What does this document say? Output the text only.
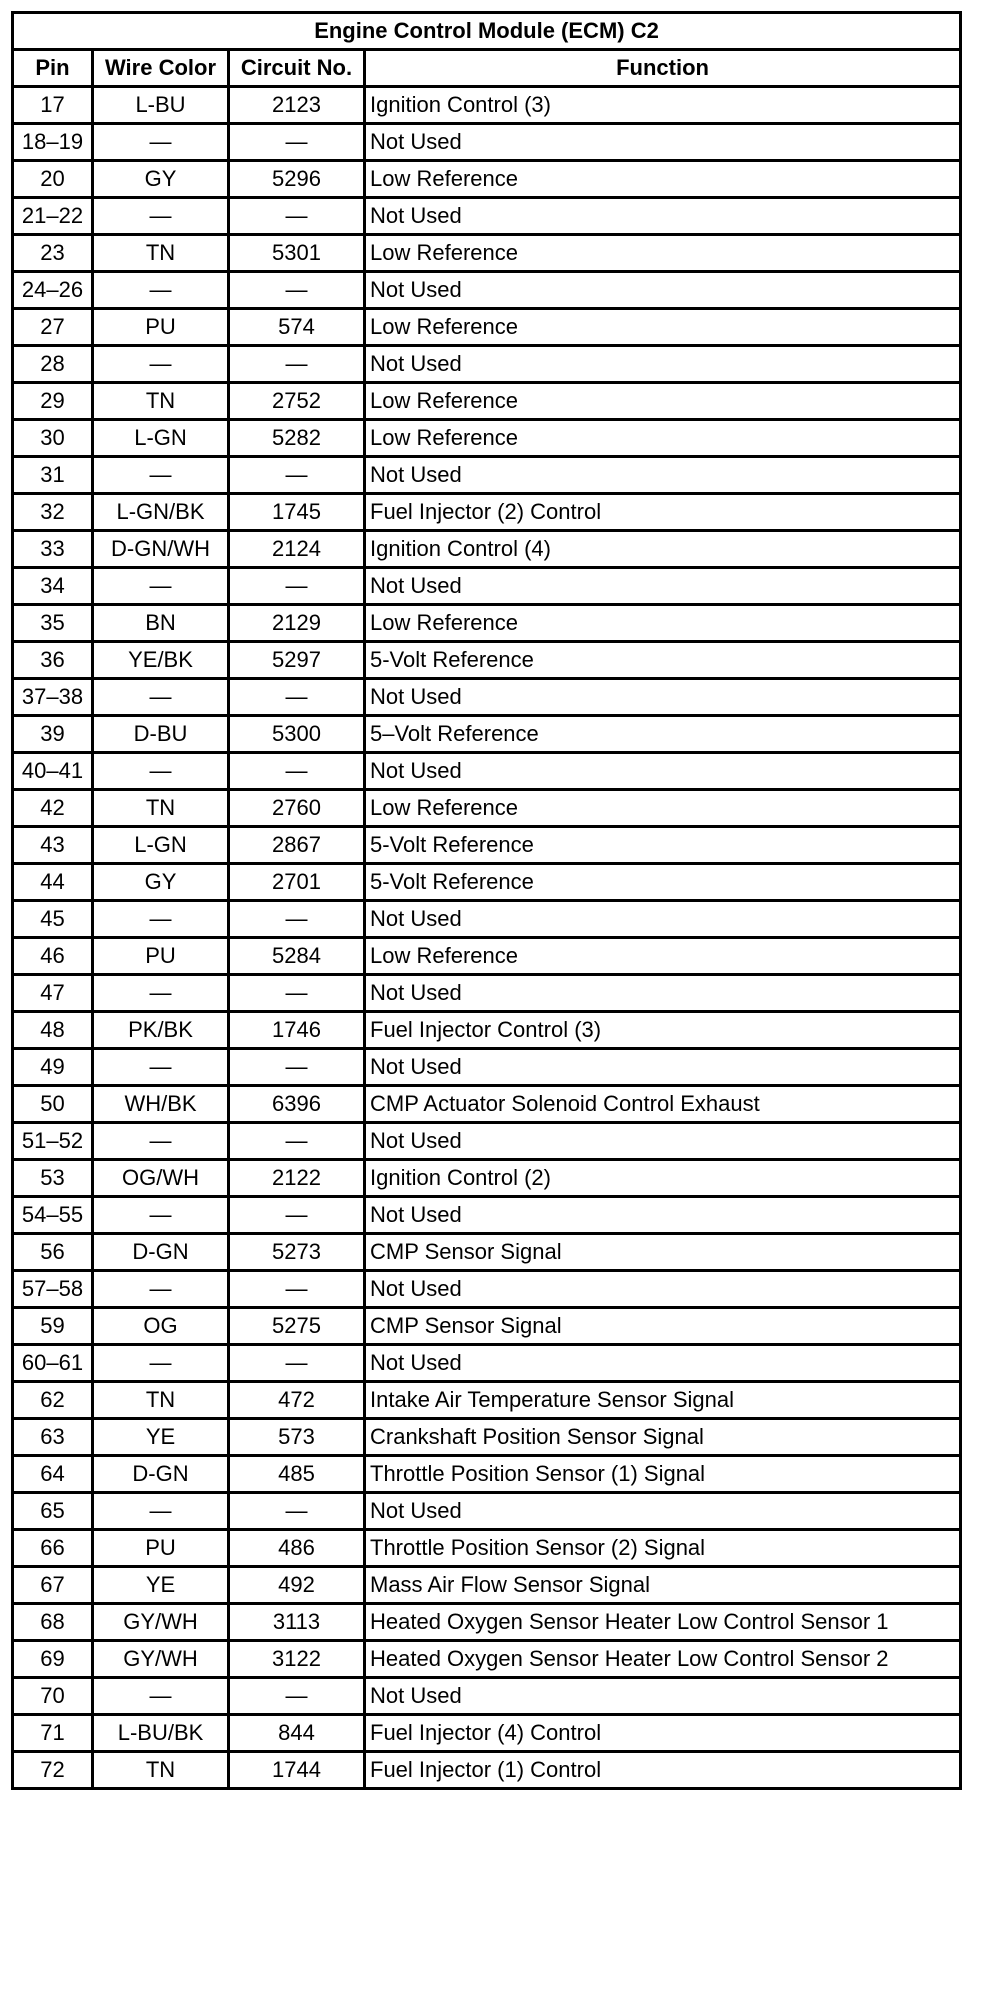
Engine Control Module (ECM) C2			
Pin	Wire Color	Circuit No.	Function
17	L-BU	2123	Ignition Control (3)
18–19	—	—	Not Used
20	GY	5296	Low Reference
21–22	—	—	Not Used
23	TN	5301	Low Reference
24–26	—	—	Not Used
27	PU	574	Low Reference
28	—	—	Not Used
29	TN	2752	Low Reference
30	L-GN	5282	Low Reference
31	—	—	Not Used
32	L-GN/BK	1745	Fuel Injector (2) Control
33	D-GN/WH	2124	Ignition Control (4)
34	—	—	Not Used
35	BN	2129	Low Reference
36	YE/BK	5297	5-Volt Reference
37–38	—	—	Not Used
39	D-BU	5300	5–Volt Reference
40–41	—	—	Not Used
42	TN	2760	Low Reference
43	L-GN	2867	5-Volt Reference
44	GY	2701	5-Volt Reference
45	—	—	Not Used
46	PU	5284	Low Reference
47	—	—	Not Used
48	PK/BK	1746	Fuel Injector Control (3)
49	—	—	Not Used
50	WH/BK	6396	CMP Actuator Solenoid Control Exhaust
51–52	—	—	Not Used
53	OG/WH	2122	Ignition Control (2)
54–55	—	—	Not Used
56	D-GN	5273	CMP Sensor Signal
57–58	—	—	Not Used
59	OG	5275	CMP Sensor Signal
60–61	—	—	Not Used
62	TN	472	Intake Air Temperature Sensor Signal
63	YE	573	Crankshaft Position Sensor Signal
64	D-GN	485	Throttle Position Sensor (1) Signal
65	—	—	Not Used
66	PU	486	Throttle Position Sensor (2) Signal
67	YE	492	Mass Air Flow Sensor Signal
68	GY/WH	3113	Heated Oxygen Sensor Heater Low Control Sensor 1
69	GY/WH	3122	Heated Oxygen Sensor Heater Low Control Sensor 2
70	—	—	Not Used
71	L-BU/BK	844	Fuel Injector (4) Control
72	TN	1744	Fuel Injector (1) Control
